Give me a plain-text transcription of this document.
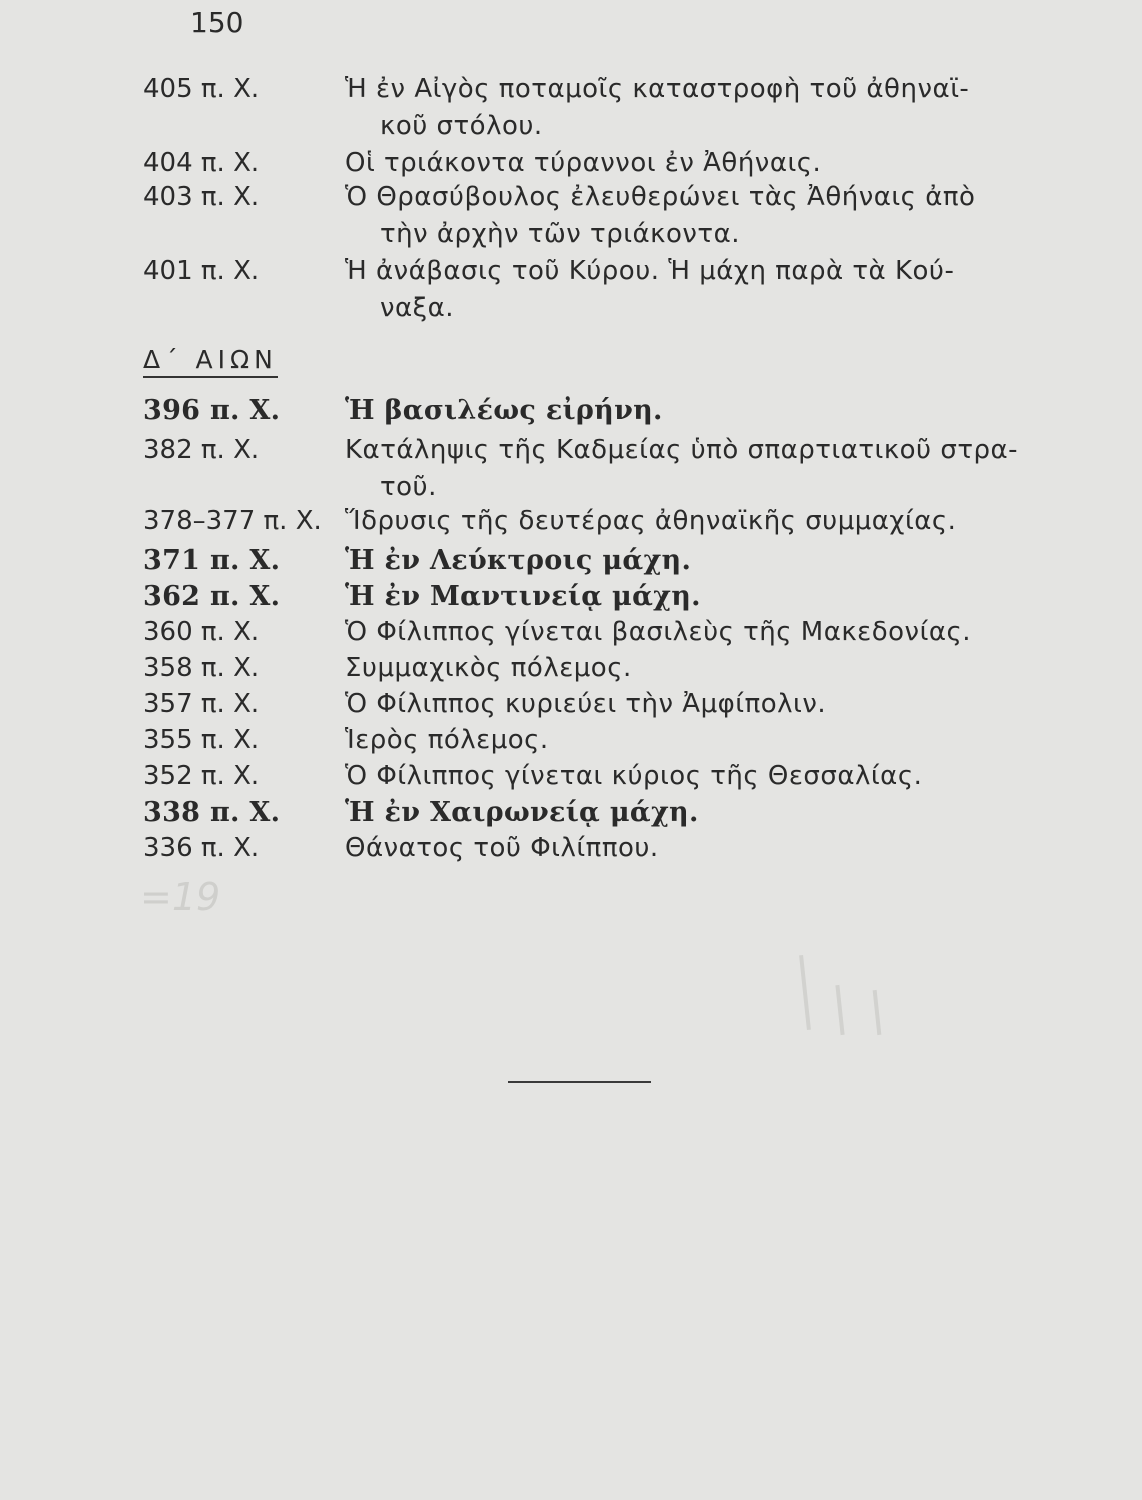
150
405 π. Χ.	Ἡ ἐν Αἰγὸς ποταμοῖς καταστροφὴ τοῦ ἀθηναϊ-
κοῦ στόλου.
404 π. Χ.	Οἱ τριάκοντα τύραννοι ἐν Ἀθήναις.
403 π. Χ.	Ὁ Θρασύβουλος ἐλευθερώνει τὰς Ἀθήναις ἀπὸ
τὴν ἀρχὴν τῶν τριάκοντα.
401 π. Χ.	Ἡ ἀνάβασις τοῦ Κύρου. Ἡ μάχη παρὰ τὰ Κού-
ναξα.
Δ΄ ΑΙΩΝ
396 π. Χ. Ἡ βασιλέως εἰρήνη.
382 π. Χ.	Κατάληψις τῆς Καδμείας ὑπὸ σπαρτιατικοῦ στρα-
τοῦ.
378–377 π. Χ. Ἵδρυσις τῆς δευτέρας ἀθηναϊκῆς συμμαχίας.
371 π. Χ. Ἡ ἐν Λεύκτροις μάχη.
362 π. Χ. Ἡ ἐν Μαντινείᾳ μάχη.
360 π. Χ.	Ὁ Φίλιππος γίνεται βασιλεὺς τῆς Μακεδονίας.
358 π. Χ.	Συμμαχικὸς πόλεμος.
357 π. Χ.	Ὁ Φίλιππος κυριεύει τὴν Ἀμφίπολιν.
355 π. Χ.	Ἱερὸς πόλεμος.
352 π. Χ.	Ὁ Φίλιππος γίνεται κύριος τῆς Θεσσαλίας.
338 π. Χ. Ἡ ἐν Χαιρωνείᾳ μάχη.
336 π. Χ.	Θάνατος τοῦ Φιλίππου.
=19
